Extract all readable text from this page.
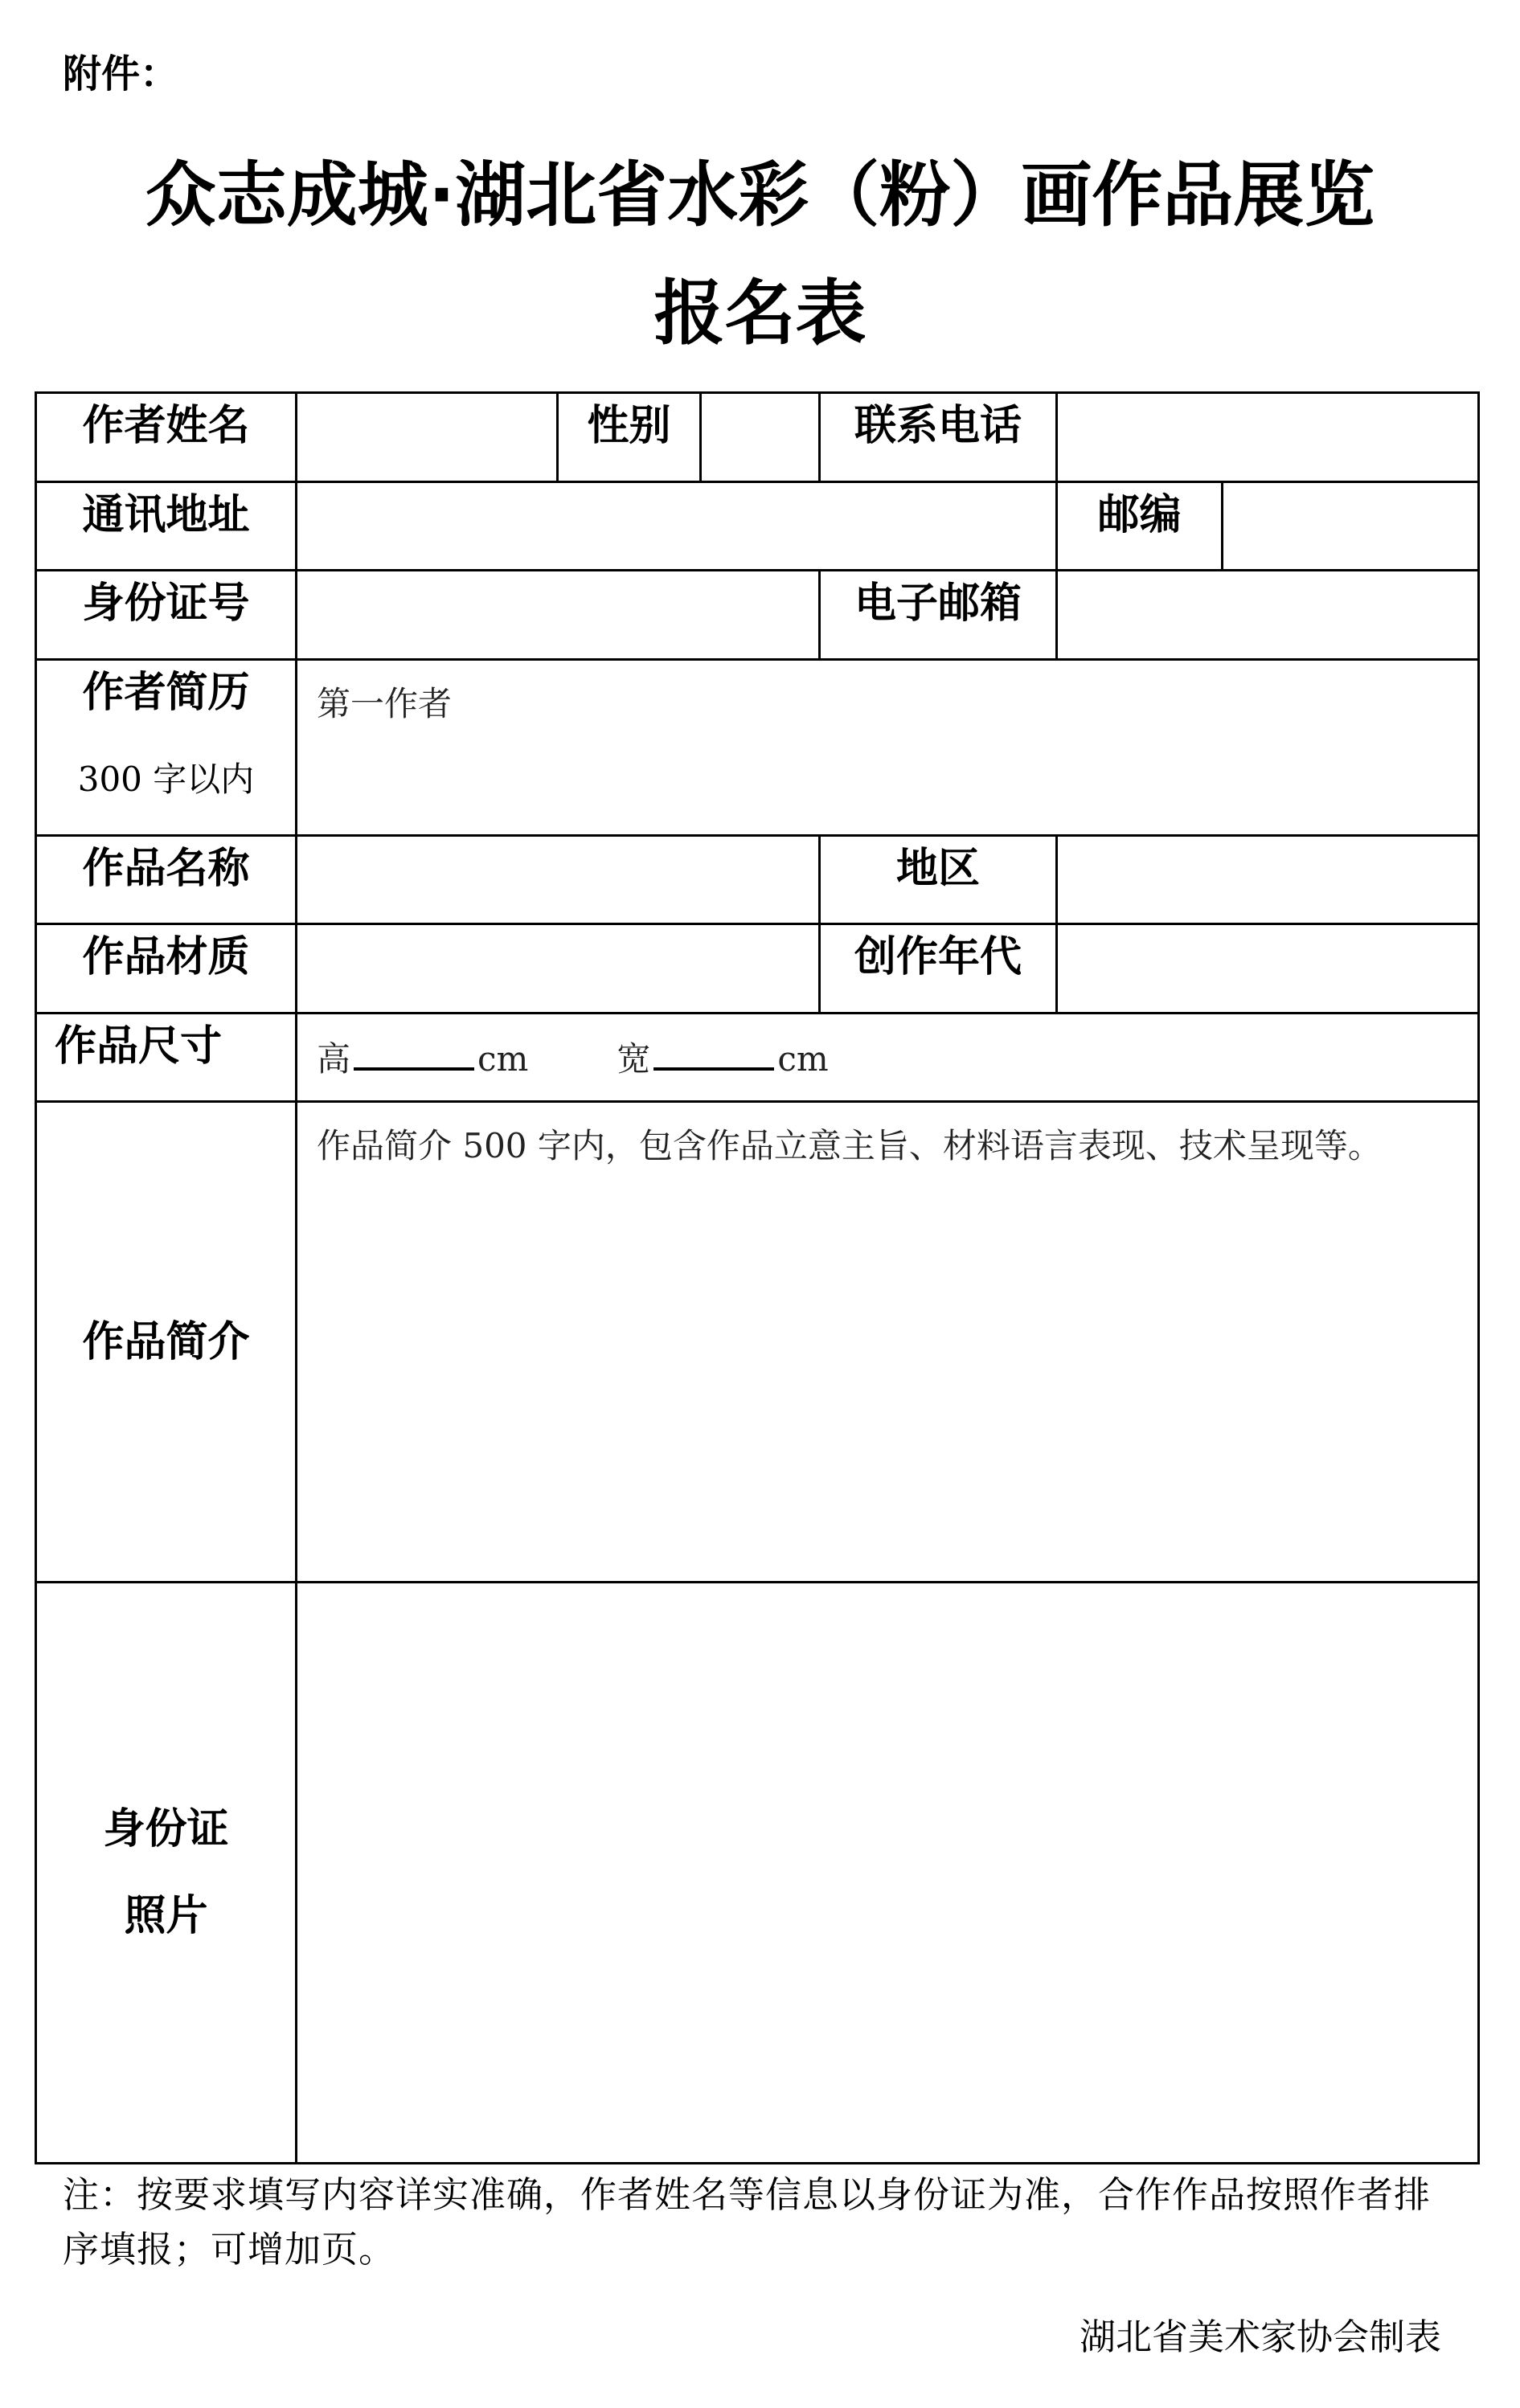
附件：
众志成城·湖北省水彩（粉）画作品展览
报名表
作者姓名		性别		联系电话		
通讯地址					邮编	
身份证号				电子邮箱		
作者简历
300 字以内	第一作者					
作品名称				地区		
作品材质				创作年代		
作品尺寸	高 cm 宽 cm					
作品简介	作品简介 500 字内，包含作品立意主旨、材料语言表现、技术呈现等。					

身份证
照片						

注：按要求填写内容详实准确，作者姓名等信息以身份证为准，合作作品按照作者排序填报；可增加页。
湖北省美术家协会制表
